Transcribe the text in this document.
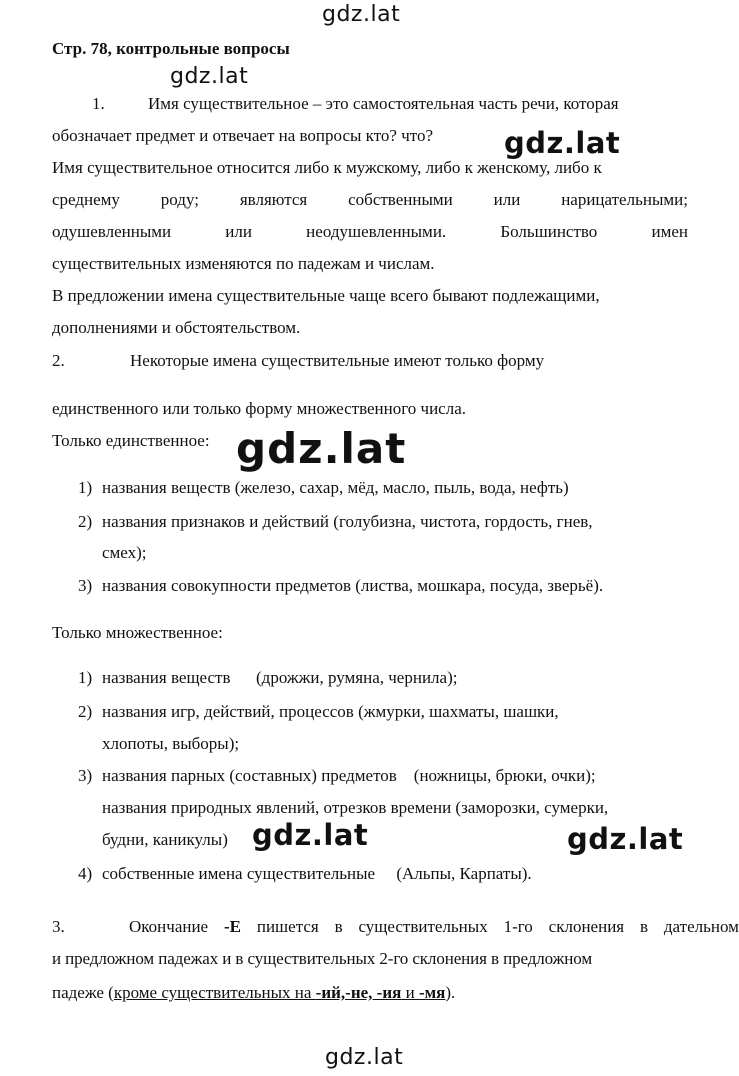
gdz.lat
gdz.lat
gdz.lat
gdz.lat
gdz.lat	gdz.lat
gdz.lat
Стр. 78, контрольные вопросы
1.	Имя существительное – это самостоятельная часть речи, которая
обозначает предмет и отвечает на вопросы кто? что?
Имя существительное относится либо к мужскому, либо к женскому, либо к
среднему роду; являются собственными или нарицательными;
одушевленными	или	неодушевленными.	Большинство	имен
существительных изменяются по падежам и числам.
В предложении имена существительные чаще всего бывают подлежащими,
дополнениями и обстоятельством.
2.	Некоторые имена существительные имеют только форму
единственного или только форму множественного числа.
Только единственное:
1) названия веществ (железо, сахар, мёд, масло, пыль, вода, нефть)
2) названия признаков и действий (голубизна, чистота, гордость, гнев,
смех);
3) названия совокупности предметов (листва, мошкара, посуда, зверьё).
Только множественное:
1) названия веществ      (дрожжи, румяна, чернила);
2) названия игр, действий, процессов (жмурки, шахматы, шашки,
хлопоты, выборы);
3) названия парных (составных) предметов    (ножницы, брюки, очки);
названия природных явлений, отрезков времени (заморозки, сумерки,
будни, каникулы)
4) собственные имена существительные     (Альпы, Карпаты).
3.	Окончание -Е пишется в существительных 1-го склонения в дательном
и предложном падежах и в существительных 2-го склонения в предложном
падеже (кроме существительных на -ий,-не, -ия и -мя).
